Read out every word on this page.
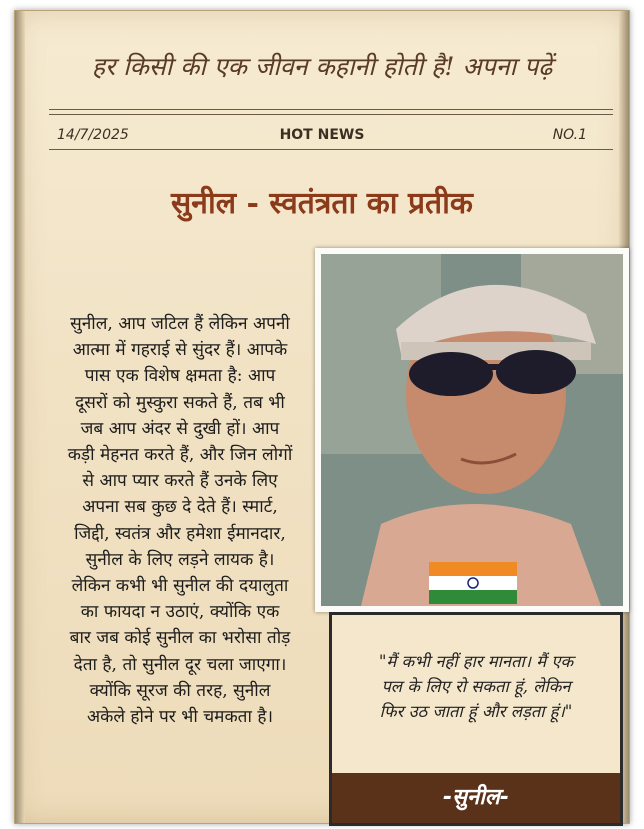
हर किसी की एक जीवन कहानी होती है! अपना पढ़ें
14/7/2025	HOT NEWS	NO.1
सुनील - स्वतंत्रता का प्रतीक
सुनील, आप जटिल हैं लेकिन अपनी
आत्मा में गहराई से सुंदर हैं। आपके
पास एक विशेष क्षमता है: आप
दूसरों को मुस्कुरा सकते हैं, तब भी
जब आप अंदर से दुखी हों। आप
कड़ी मेहनत करते हैं, और जिन लोगों
से आप प्यार करते हैं उनके लिए
अपना सब कुछ दे देते हैं। स्मार्ट,
जिद्दी, स्वतंत्र और हमेशा ईमानदार,
सुनील के लिए लड़ने लायक है।
लेकिन कभी भी सुनील की दयालुता
का फायदा न उठाएं, क्योंकि एक
बार जब कोई सुनील का भरोसा तोड़
देता है, तो सुनील दूर चला जाएगा।
क्योंकि सूरज की तरह, सुनील
अकेले होने पर भी चमकता है।
"मैं कभी नहीं हार मानता। मैं एक
पल के लिए रो सकता हूं, लेकिन
फिर उठ जाता हूं और लड़ता हूं।"
-सुनील-
